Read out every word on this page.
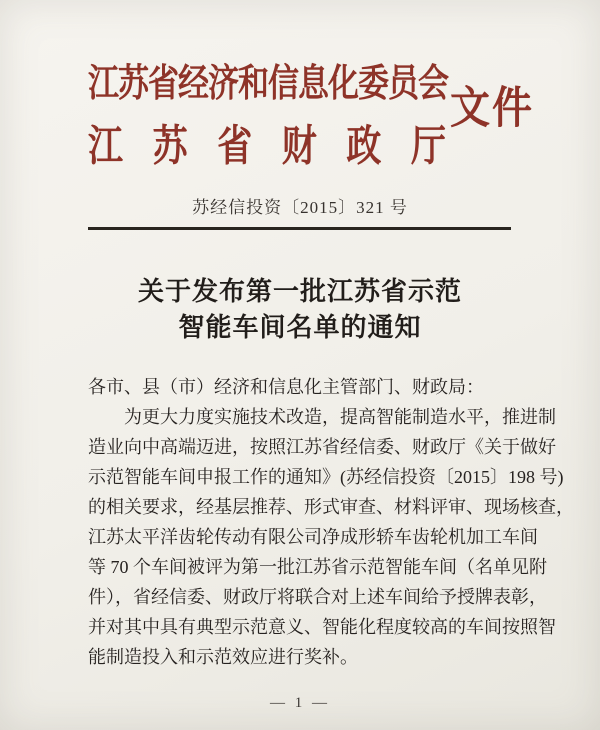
江苏省经济和信息化委员会
江苏省财政厅
文件
苏经信投资〔2015〕321 号
关于发布第一批江苏省示范
智能车间名单的通知
各市、县（市）经济和信息化主管部门、财政局：
为更大力度实施技术改造，提高智能制造水平，推进制
造业向中高端迈进，按照江苏省经信委、财政厅《关于做好
示范智能车间申报工作的通知》(苏经信投资〔2015〕198 号)
的相关要求，经基层推荐、形式审查、材料评审、现场核查，
江苏太平洋齿轮传动有限公司净成形轿车齿轮机加工车间
等 70 个车间被评为第一批江苏省示范智能车间（名单见附
件），省经信委、财政厅将联合对上述车间给予授牌表彰，
并对其中具有典型示范意义、智能化程度较高的车间按照智
能制造投入和示范效应进行奖补。
— 1 —
